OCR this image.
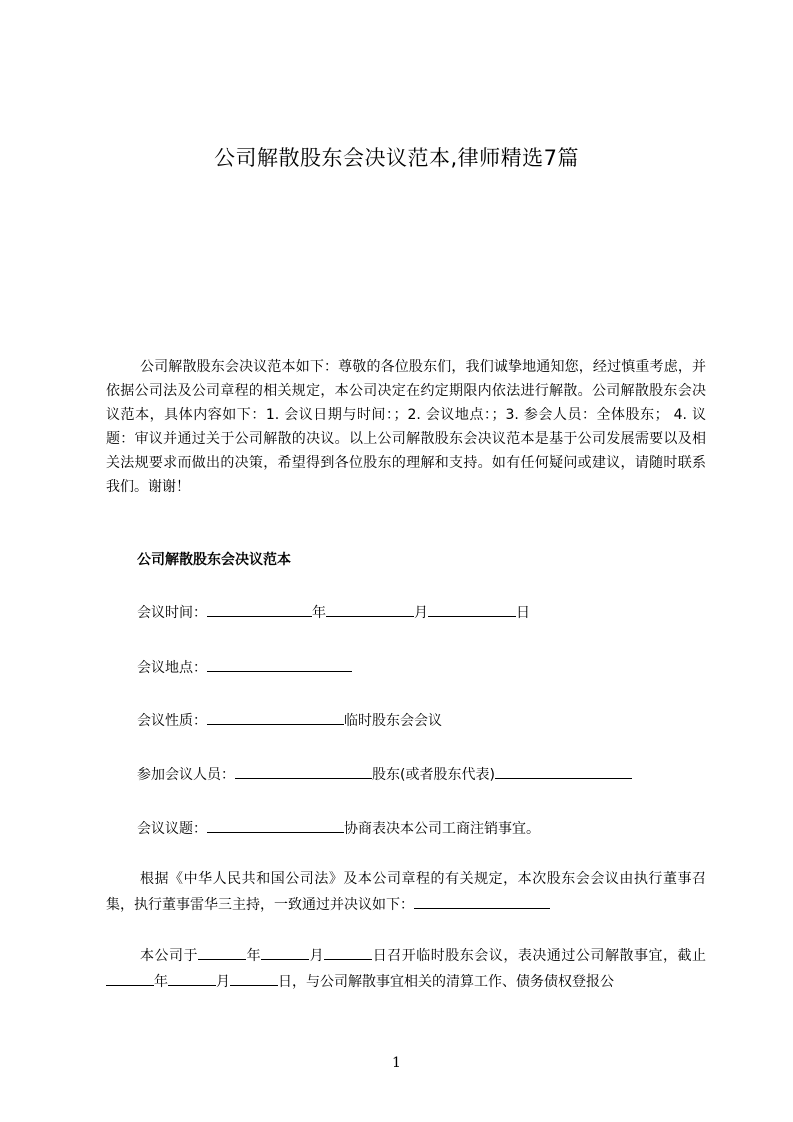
公司解散股东会决议范本,律师精选7篇

公司解散股东会决议范本如下：尊敬的各位股东们，我们诚挚地通知您，经过慎重考虑，并依据公司法及公司章程的相关规定，本公司决定在约定期限内依法进行解散。公司解散股东会决议范本，具体内容如下：1. 会议日期与时间：；2. 会议地点：；3. 参会人员：全体股东； 4. 议题：审议并通过关于公司解散的决议。以上公司解散股东会决议范本是基于公司发展需要以及相关法规要求而做出的决策，希望得到各位股东的理解和支持。如有任何疑问或建议，请随时联系我们。谢谢！

公司解散股东会决议范本
会议时间：	年	月	日
会议地点：
会议性质：	临时股东会会议
参加会议人员：	股东(或者股东代表)
会议议题：	协商表决本公司工商注销事宜。

根据《中华人民共和国公司法》及本公司章程的有关规定，本次股东会会议由执行董事召集，执行董事雷华三主持，一致通过并决议如下：

本公司于	年	月	日召开临时股东会议，表决通过公司解散事宜，截止年	月	日，与公司解散事宜相关的清算工作、债务债权登报公

1
